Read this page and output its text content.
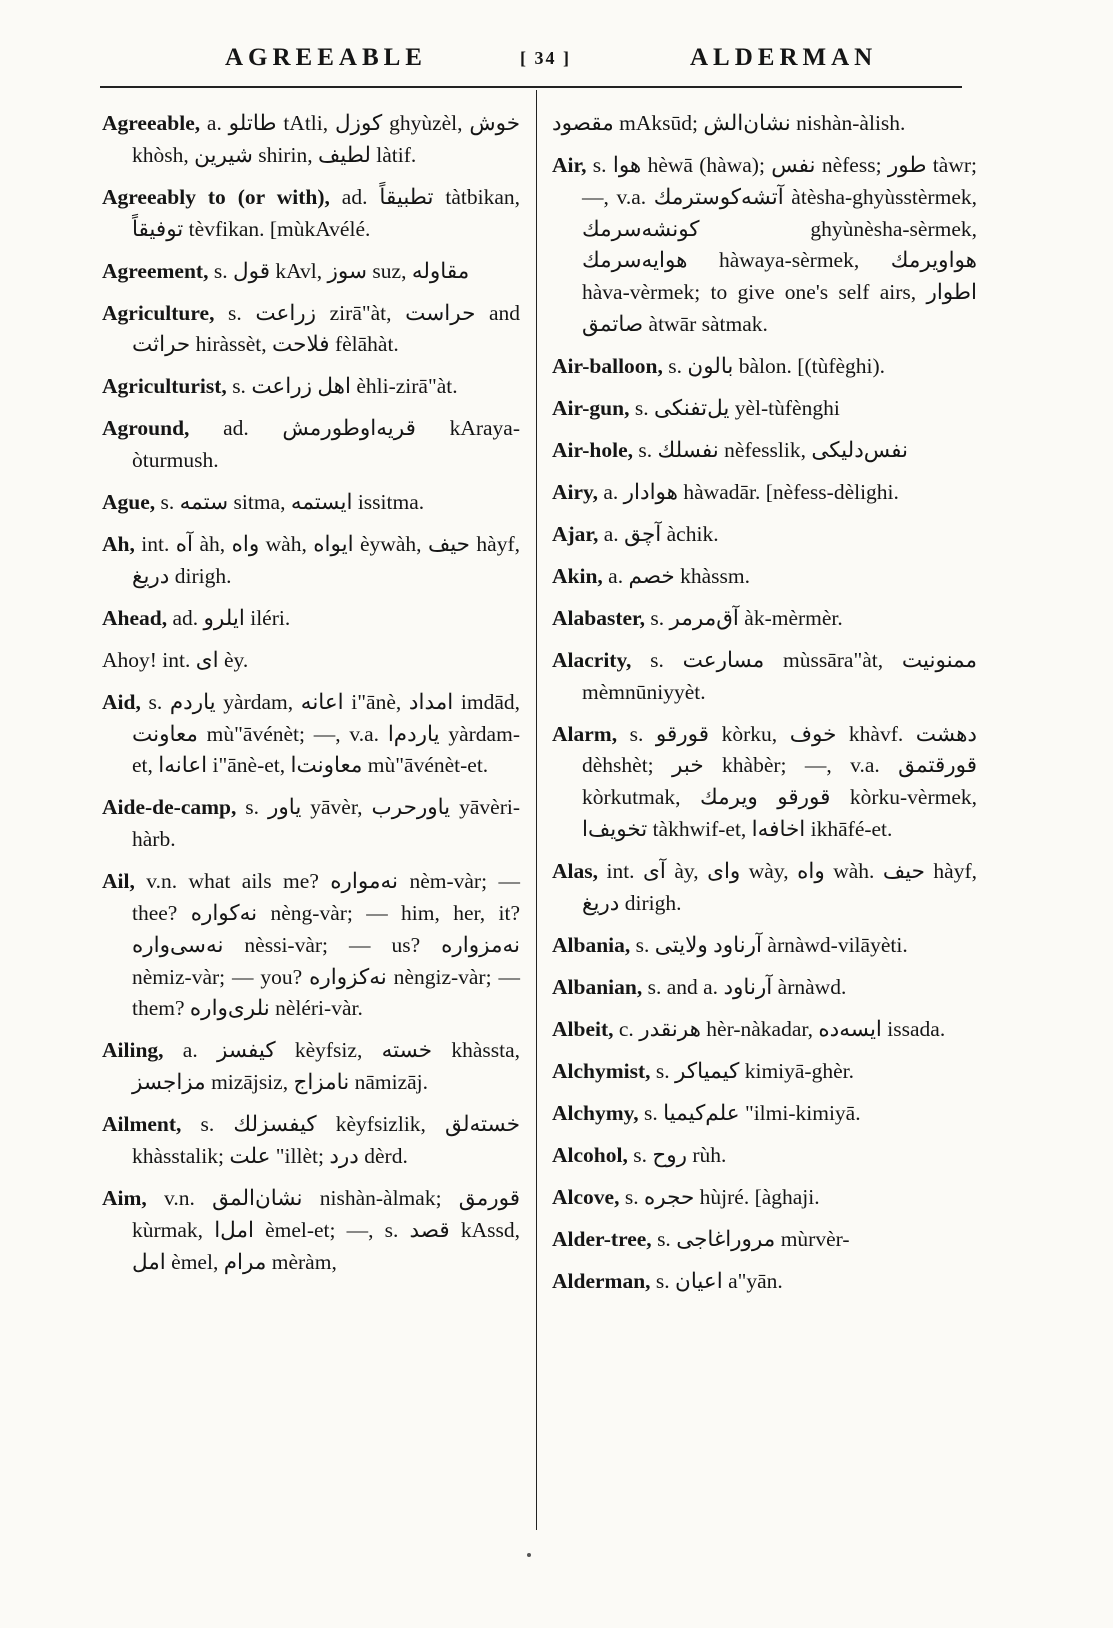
AGREEABLE	[ 34 ]	ALDERMAN
Agreeable, a. طاتلو tAtli, كوزل ghyùzèl, خوش khòsh, شيرين shirin, لطيف làtif.
Agreeably to (or with), ad. تطبيقاً tàtbikan, توفيقاً tèvfikan. [mùkAvélé.
Agreement, s. قول kAvl, سوز suz, مقاوله
Agriculture, s. زراعت zirā"àt, حراست and حراثت hiràssèt, فلاحت fèlāhàt.
Agriculturist, s. اهل زراعت èhli-zirā"àt.
Aground, ad. قريه‌اوطورمش kAraya-òturmush.
Ague, s. ستمه sitma, ايستمه issitma.
Ah, int. آه àh, واه wàh, ايواه èywàh, حيف hàyf, دريغ dirigh.
Ahead, ad. ايلرو iléri.
Ahoy! int. اى èy.
Aid, s. ياردم yàrdam, اعانه i"ānè, امداد imdād, معاونت mù"āvénèt; —, v.a. ياردم‌ا yàrdam-et, اعانه‌ا i"ānè-et, معاونت‌ا mù"āvénèt-et.
Aide-de-camp, s. ياور yāvèr, ياورحرب yāvèri-hàrb.
Ail, v.n. what ails me? نه‌مواره nèm-vàr; — thee? نه‌كواره nèng-vàr; — him, her, it? نه‌سى‌واره nèssi-vàr; — us? نه‌مزواره nèmiz-vàr; — you? نه‌كزواره nèngiz-vàr; — them? نلرى‌واره nèléri-vàr.
Ailing, a. كيفسز kèyfsiz, خسته khàssta, مزاجسز mizājsiz, نامزاج nāmizāj.
Ailment, s. كيفسزلك kèyfsizlik, خسته‌لق khàsstalik; علت "illèt; درد dèrd.
Aim, v.n. نشان‌المق nishàn-àlmak; قورمق kùrmak, امل‌ا èmel-et; —, s. قصد kAssd, امل èmel, مرام mèràm,
مقصود mAksūd; نشان‌الش nishàn-àlish.
Air, s. هوا hèwā (hàwa); نفس nèfess; طور tàwr; —, v.a. آتشه‌كوسترمك àtèsha-ghyùsstèrmek, كونشه‌سرمك ghyùnèsha-sèrmek, هوايه‌سرمك hàwaya-sèrmek, هواويرمك hàva-vèrmek; to give one's self airs, اطوار صاتمق àtwār sàtmak.
Air-balloon, s. بالون bàlon. [(tùfèghi).
Air-gun, s. يل‌تفنكى yèl-tùfènghi
Air-hole, s. نفسلك nèfesslik, نفس‌دليكى
Airy, a. هوادار hàwadār. [nèfess-dèlighi.
Ajar, a. آچق àchik.
Akin, a. خصم khàssm.
Alabaster, s. آق‌مرمر àk-mèrmèr.
Alacrity, s. مسارعت mùssāra"àt, ممنونيت mèmnūniyyèt.
Alarm, s. قورقو kòrku, خوف khàvf. دهشت dèhshèt; خبر khàbèr; —, v.a. قورقتمق kòrkutmak, قورقو ويرمك kòrku-vèrmek, تخويف‌ا tàkhwif-et, اخافه‌ا ikhāfé-et.
Alas, int. آى ày, واى wày, واه wàh. حيف hàyf, دريغ dirigh.
Albania, s. آرناود ولايتى àrnàwd-vilāyèti.
Albanian, s. and a. آرناود àrnàwd.
Albeit, c. هرنقدر hèr-nàkadar, ايسه‌ده issada.
Alchymist, s. كيمياكر kimiyā-ghèr.
Alchymy, s. علم‌كيميا "ilmi-kimiyā.
Alcohol, s. روح rùh.
Alcove, s. حجره hùjré. [àghaji.
Alder-tree, s. مروراغاجى mùrvèr-
Alderman, s. اعيان a"yān.
